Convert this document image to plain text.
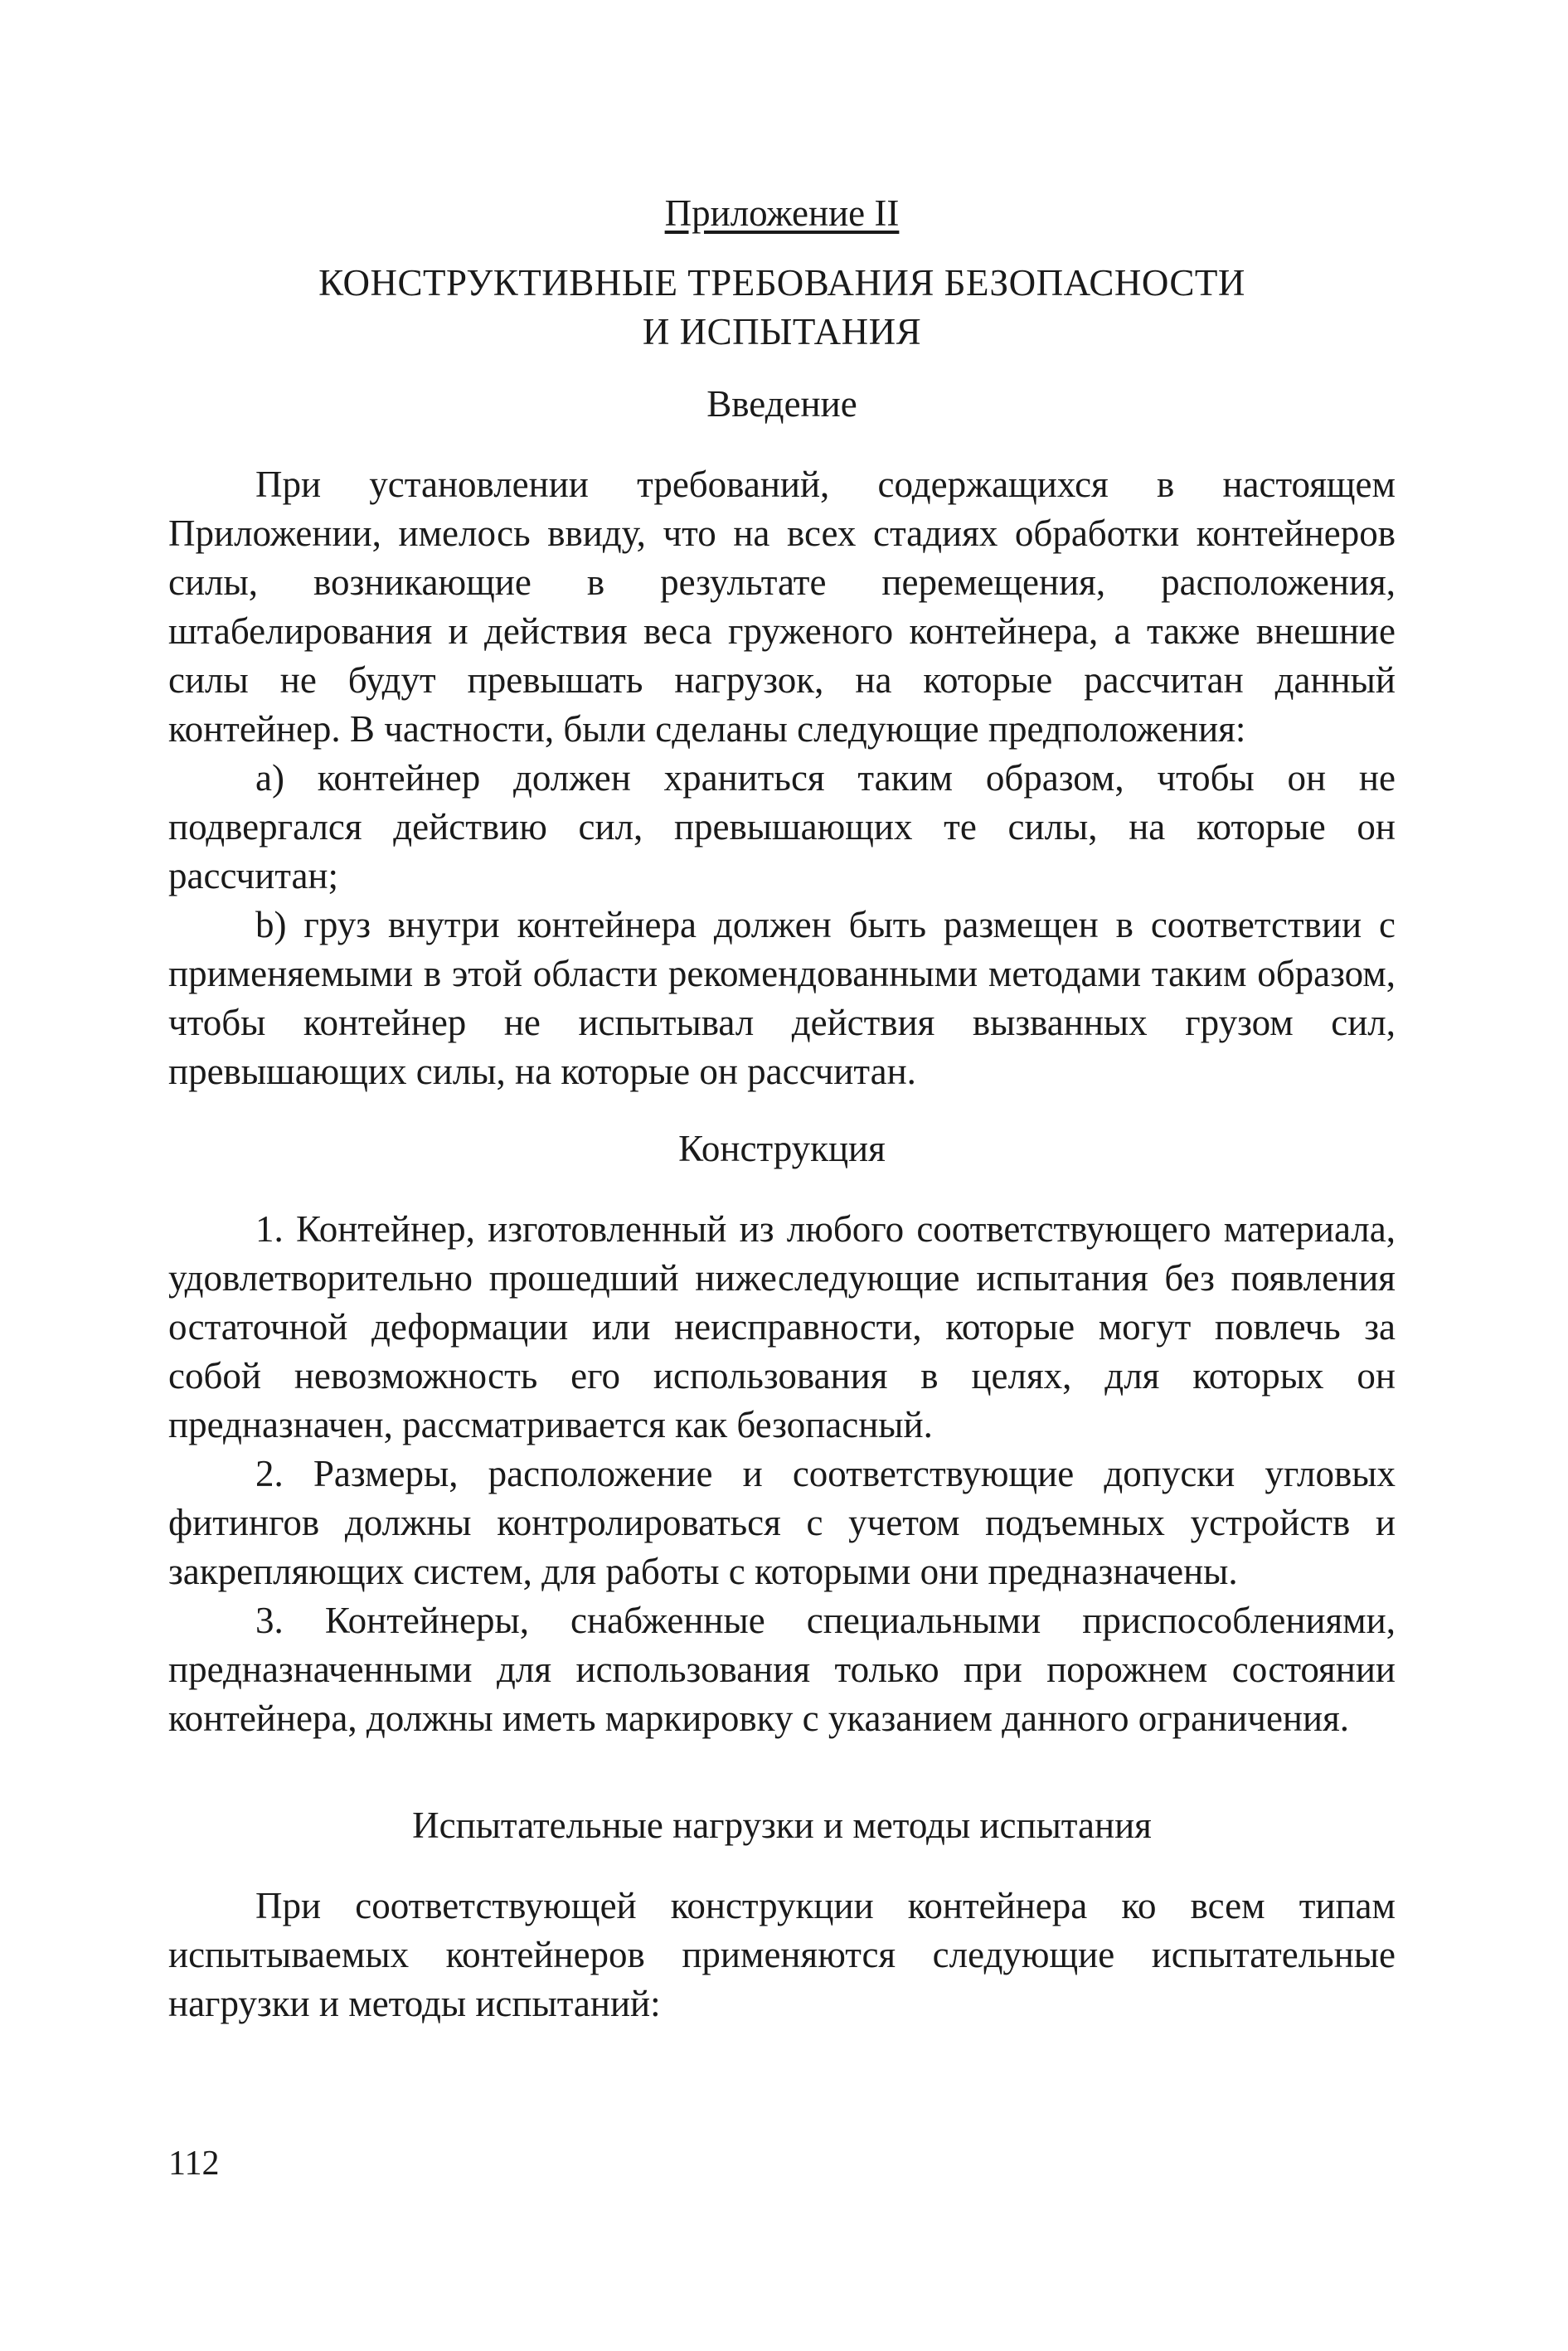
Приложение II
КОНСТРУКТИВНЫЕ ТРЕБОВАНИЯ БЕЗОПАСНОСТИ
И ИСПЫТАНИЯ
Введение

При установлении требований, содержащихся в настоящем Приложении, имелось ввиду, что на всех стадиях обработки контейнеров силы, возникающие в результате перемещения, расположения, штабелирования и действия веса груженого контейнера, а также внешние силы не будут превышать нагрузок, на которые рассчитан данный контейнер. В частности, были сделаны следующие предположения:

а) контейнер должен храниться таким образом, чтобы он не подвергался действию сил, превышающих те силы, на которые он рассчитан;

b) груз внутри контейнера должен быть размещен в соответствии с применяемыми в этой области рекомендованными методами таким образом, чтобы контейнер не испытывал действия вызванных грузом сил, превышающих силы, на которые он рассчитан.

Конструкция

1. Контейнер, изготовленный из любого соответствующего материала, удовлетворительно прошедший нижеследующие испытания без появления остаточной деформации или неисправности, которые могут повлечь за собой невозможность его использования в целях, для которых он предназначен, рассматривается как безопасный.

2. Размеры, расположение и соответствующие допуски угловых фитингов должны контролироваться с учетом подъемных устройств и закрепляющих систем, для работы с которыми они предназначены.

3. Контейнеры, снабженные специальными приспособлениями, предназначенными для использования только при порожнем состоянии контейнера, должны иметь маркировку с указанием данного ограничения.

Испытательные нагрузки и методы испытания

При соответствующей конструкции контейнера ко всем типам испытываемых контейнеров применяются следующие испытательные нагрузки и методы испытаний:

112
